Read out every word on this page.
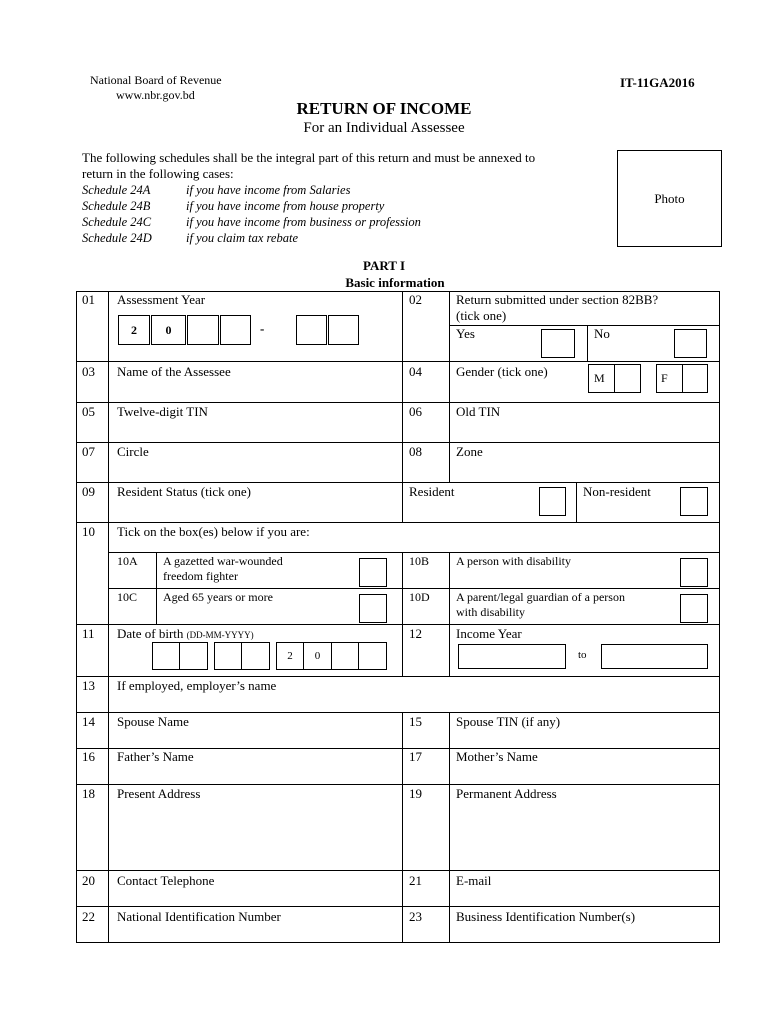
National Board of Revenue
www.nbr.gov.bd
IT-11GA2016
RETURN OF INCOME
For an Individual Assessee
The following schedules shall be the integral part of this return and must be annexed to
return in the following cases:
Schedule 24A	if you have income from Salaries
Schedule 24B	if you have income from house property
Schedule 24C	if you have income from business or profession
Schedule 24D	if you claim tax rebate
Photo
PART I
Basic information
01 Assessment Year
2	0	-
02	Return submitted under section 82BB?
(tick one)
Yes	No
03 Name of the Assessee	04	Gender (tick one)	M	F
05 Twelve-digit TIN	06	Old TIN
07 Circle	08	Zone
09 Resident Status (tick one)	Resident	Non-resident
10 Tick on the box(es) below if you are:
10A A gazetted war-wounded
freedom fighter
10B A person with disability
10C Aged 65 years or more	10D A parent/legal guardian of a person
with disability
11 Date of birth (DD-MM-YYYY)
2	0
12	Income Year
to
13 If employed, employer’s name
14 Spouse Name	15	Spouse TIN (if any)
16 Father’s Name	17	Mother’s Name
18 Present Address	19	Permanent Address
20 Contact Telephone	21	E-mail
22 National Identification Number	23	Business Identification Number(s)
